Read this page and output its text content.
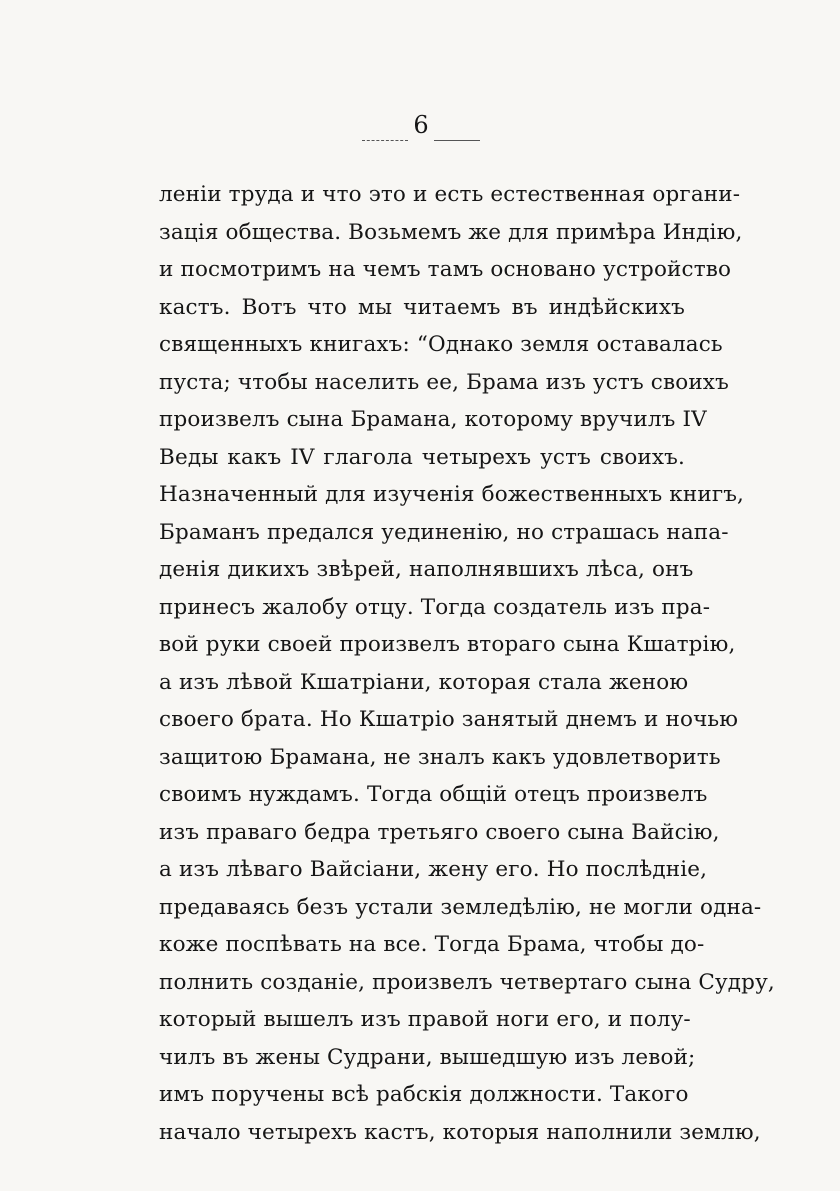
6
леніи труда и что это и есть естественная органи-
зація общества. Возьмемъ же для примѣра Индію,
и посмотримъ на чемъ тамъ основано устройство
кастъ. Вотъ что мы читаемъ въ индѣйскихъ
священныхъ книгахъ: “Однако земля оставалась
пуста; чтобы населить ее, Брама изъ устъ своихъ
произвелъ сына Брамана, которому вручилъ IV
Веды какъ IV глагола четырехъ устъ своихъ.
Назначенный для изученія божественныхъ книгъ,
Браманъ предался уединенію, но страшась напа-
денія дикихъ звѣрей, наполнявшихъ лѣса, онъ
принесъ жалобу отцу. Тогда создатель изъ пра-
вой руки своей произвелъ втораго сына Кшатрію,
а изъ лѣвой Кшатріани, которая стала женою
своего брата. Но Кшатріо занятый днемъ и ночью
защитою Брамана, не зналъ какъ удовлетворить
своимъ нуждамъ. Тогда общій отецъ произвелъ
изъ праваго бедра третьяго своего сына Вайсію,
а изъ лѣваго Вайсіани, жену его. Но послѣдніе,
предаваясь безъ устали земледѣлію, не могли одна-
коже поспѣвать на все. Тогда Брама, чтобы до-
полнить созданіе, произвелъ четвертаго сына Судру,
который вышелъ изъ правой ноги его, и полу-
чилъ въ жены Судрани, вышедшую изъ левой;
имъ поручены всѣ рабскія должности. Такого
начало четырехъ кастъ, которыя наполнили землю,
